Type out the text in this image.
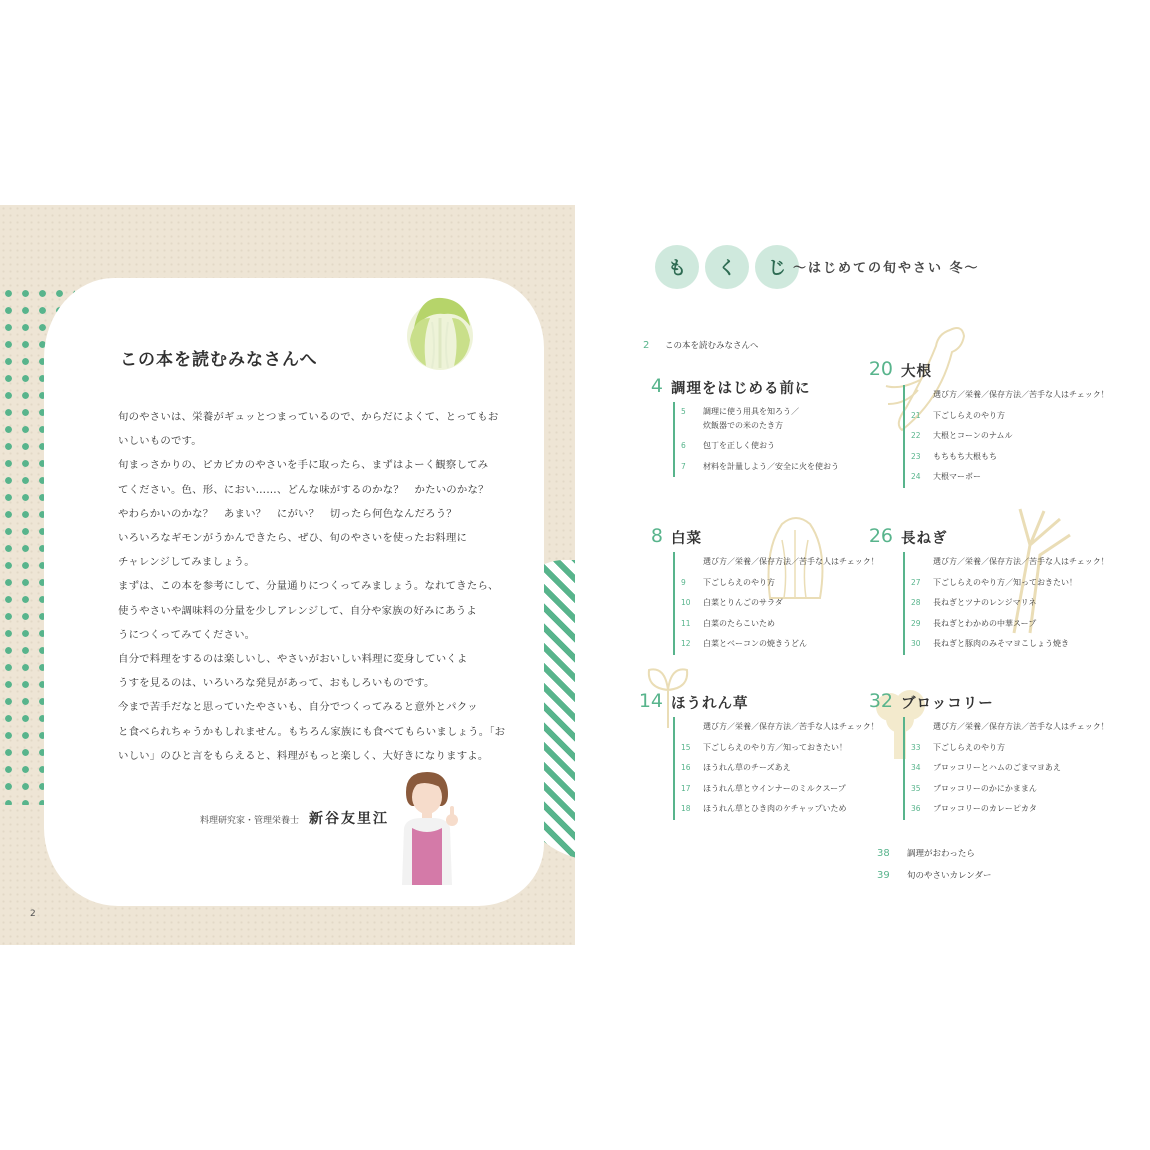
この本を読むみなさんへ

旬のやさいは、栄養がギュッとつまっているので、からだによくて、とってもお
いしいものです。

旬まっさかりの、ピカピカのやさいを手に取ったら、まずはよーく観察してみ
てください。色、形、におい……、どんな味がするのかな？　
やわらかいのかな？　あまい？　にがい？　切ったら何色なんだろう？

いろいろなギモンがうかんできたら、ぜひ、旬のやさいを使ったお料理に
チャレンジしてみましょう。

まずは、この本を参考にして、分量通りにつくってみましょう。なれてきたら、
使うやさいや調味料の分量を少しアレンジして、自分や家族の好みにあうよ
うにつくってみてください。

自分で料理をするのは楽しいし、やさいがおいしい料理に変身していくよ
うすを見るのは、いろいろな発見があって、おもしろいものです。

今まで苦手だなと思っていたやさいも、自分でつくってみると意外とパクッ
と食べられちゃうかもしれません。もちろん家族にも食べてもらいましょう。「お
いしい」のひと言をもらえると、料理がもっと楽しく、大好きになりますよ。

料理研究家・管理栄養士 新谷友里江
2
も	く	じ 〜はじめての旬やさい 冬〜
2 この本を読むみなさんへ
4 調理をはじめる前に
5 調理に使う用具を知ろう／
炊飯器での米のたき方
6 包丁を正しく使おう
7 材料を計量しよう／安全に火を使おう
8 白菜
選び方／栄養／保存方法／苦手な人はチェック！
9 下ごしらえのやり方
10 白菜とりんごのサラダ
11 白菜のたらこいため
12 白菜とベーコンの焼きうどん
14 ほうれん草
選び方／栄養／保存方法／苦手な人はチェック！
15 下ごしらえのやり方／知っておきたい！
16 ほうれん草のチーズあえ
17 ほうれん草とウインナーのミルクスープ
18 ほうれん草とひき肉のケチャップいため
20 大根
選び方／栄養／保存方法／苦手な人はチェック！
21 下ごしらえのやり方
22 大根とコーンのナムル
23 もちもち大根もち
24 大根マーボー
26 長ねぎ
選び方／栄養／保存方法／苦手な人はチェック！
27 下ごしらえのやり方／知っておきたい！
28 長ねぎとツナのレンジマリネ
29 長ねぎとわかめの中華スープ
30 長ねぎと豚肉のみそマヨこしょう焼き
32 ブロッコリー
選び方／栄養／保存方法／苦手な人はチェック！
33 下ごしらえのやり方
34 ブロッコリーとハムのごまマヨあえ
35 ブロッコリーのかにかままん
36 ブロッコリーのカレーピカタ
38 調理がおわったら
39 旬のやさいカレンダー
